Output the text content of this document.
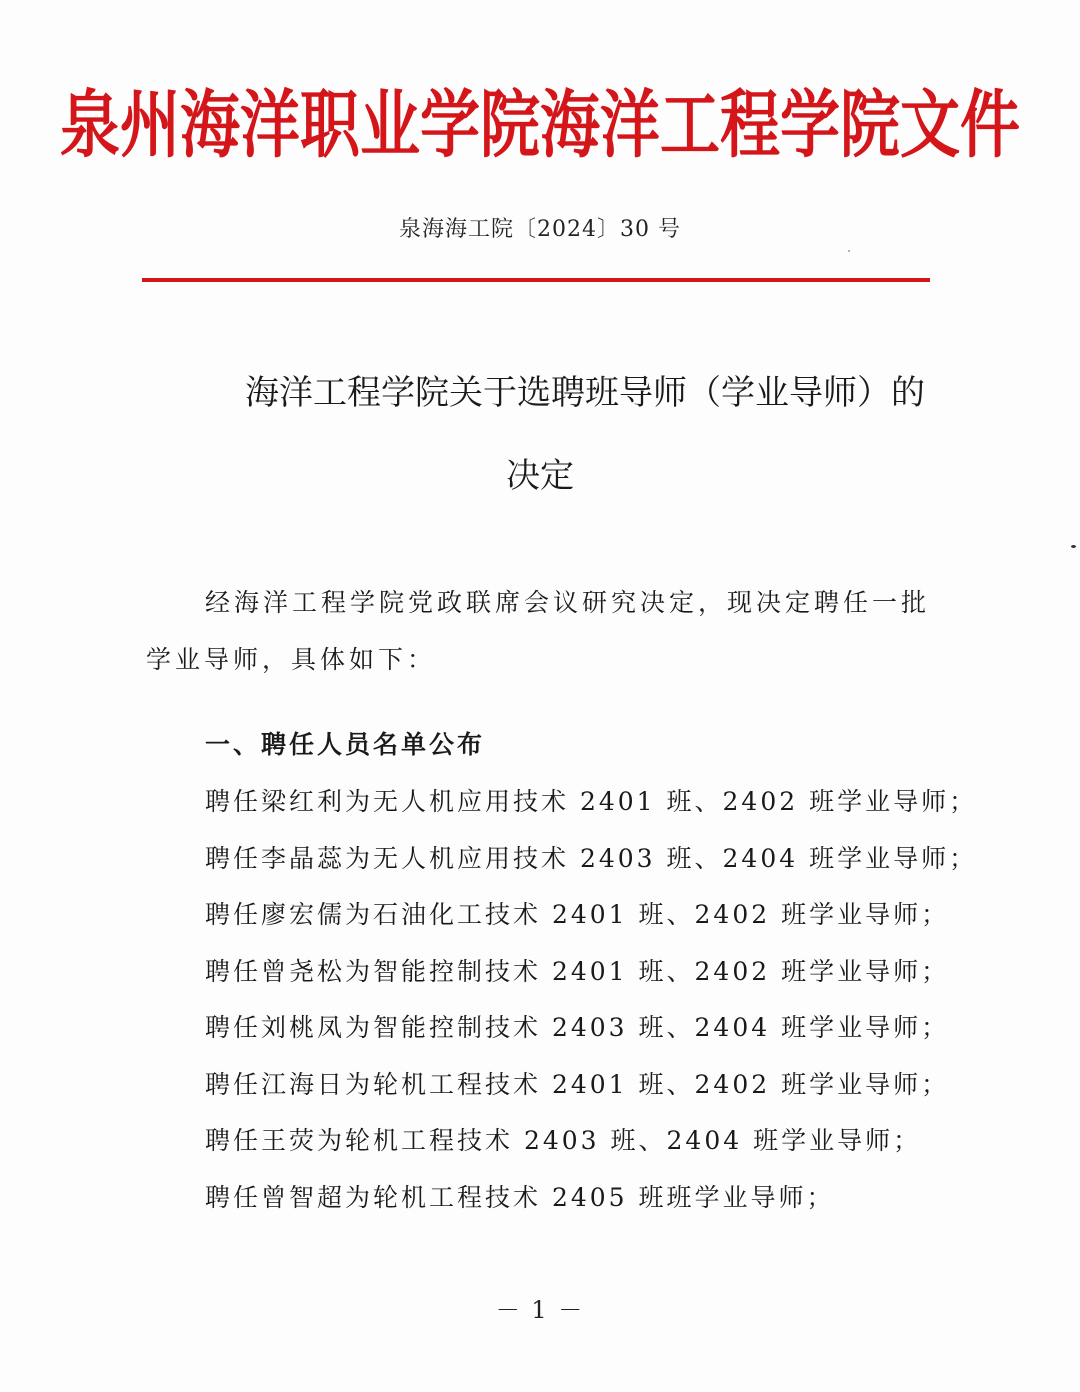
泉州海洋职业学院海洋工程学院文件
泉海海工院〔2024〕30 号
海洋工程学院关于选聘班导师（学业导师）的
决定
经海洋工程学院党政联席会议研究决定，现决定聘任一批
学业导师，具体如下：
一、聘任人员名单公布
聘任梁红利为无人机应用技术 2401 班、2402 班学业导师；
聘任李晶蕊为无人机应用技术 2403 班、2404 班学业导师；
聘任廖宏儒为石油化工技术 2401 班、2402 班学业导师；
聘任曾尧松为智能控制技术 2401 班、2402 班学业导师；
聘任刘桃凤为智能控制技术 2403 班、2404 班学业导师；
聘任江海日为轮机工程技术 2401 班、2402 班学业导师；
聘任王荧为轮机工程技术 2403 班、2404 班学业导师；
聘任曾智超为轮机工程技术 2405 班班学业导师；
－ 1 －
